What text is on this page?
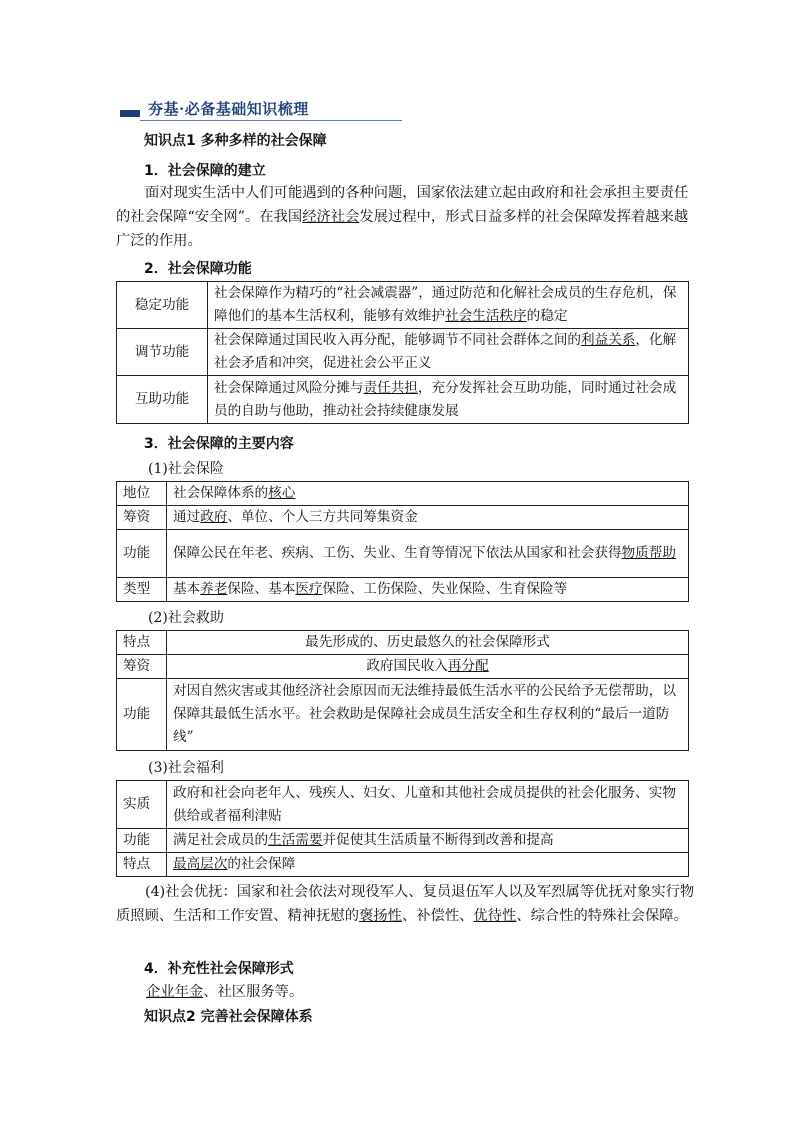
夯基·必备基础知识梳理
知识点1 多种多样的社会保障
1．社会保障的建立

面对现实生活中人们可能遇到的各种问题，国家依法建立起由政府和社会承担主要责任的社会保障“安全网”。在我国经济社会发展过程中，形式日益多样的社会保障发挥着越来越广泛的作用。

2．社会保障功能
稳定功能	社会保障作为精巧的“社会减震器”，通过防范和化解社会成员的生存危机，保障他们的基本生活权利，能够有效维护社会生活秩序的稳定
调节功能	社会保障通过国民收入再分配，能够调节不同社会群体之间的利益关系，化解社会矛盾和冲突，促进社会公平正义
互助功能	社会保障通过风险分摊与责任共担，充分发挥社会互助功能，同时通过社会成员的自助与他助，推动社会持续健康发展
3．社会保障的主要内容
(1)社会保险
地位	社会保障体系的核心
筹资	通过政府、单位、个人三方共同筹集资金
功能	保障公民在年老、疾病、工伤、失业、生育等情况下依法从国家和社会获得物质帮助
类型	基本养老保险、基本医疗保险、工伤保险、失业保险、生育保险等
(2)社会救助
特点	最先形成的、历史最悠久的社会保障形式
筹资	政府国民收入再分配
功能	对因自然灾害或其他经济社会原因而无法维持最低生活水平的公民给予无偿帮助，以保障其最低生活水平。社会救助是保障社会成员生活安全和生存权利的“最后一道防线”
(3)社会福利
实质	政府和社会向老年人、残疾人、妇女、儿童和其他社会成员提供的社会化服务、实物供给或者福利津贴
功能	满足社会成员的生活需要并促使其生活质量不断得到改善和提高
特点	最高层次的社会保障

(4)社会优抚：国家和社会依法对现役军人、复员退伍军人以及军烈属等优抚对象实行物质照顾、生活和工作安置、精神抚慰的褒扬性、补偿性、优待性、综合性的特殊社会保障。

4．补充性社会保障形式

企业年金、社区服务等。

知识点2 完善社会保障体系
